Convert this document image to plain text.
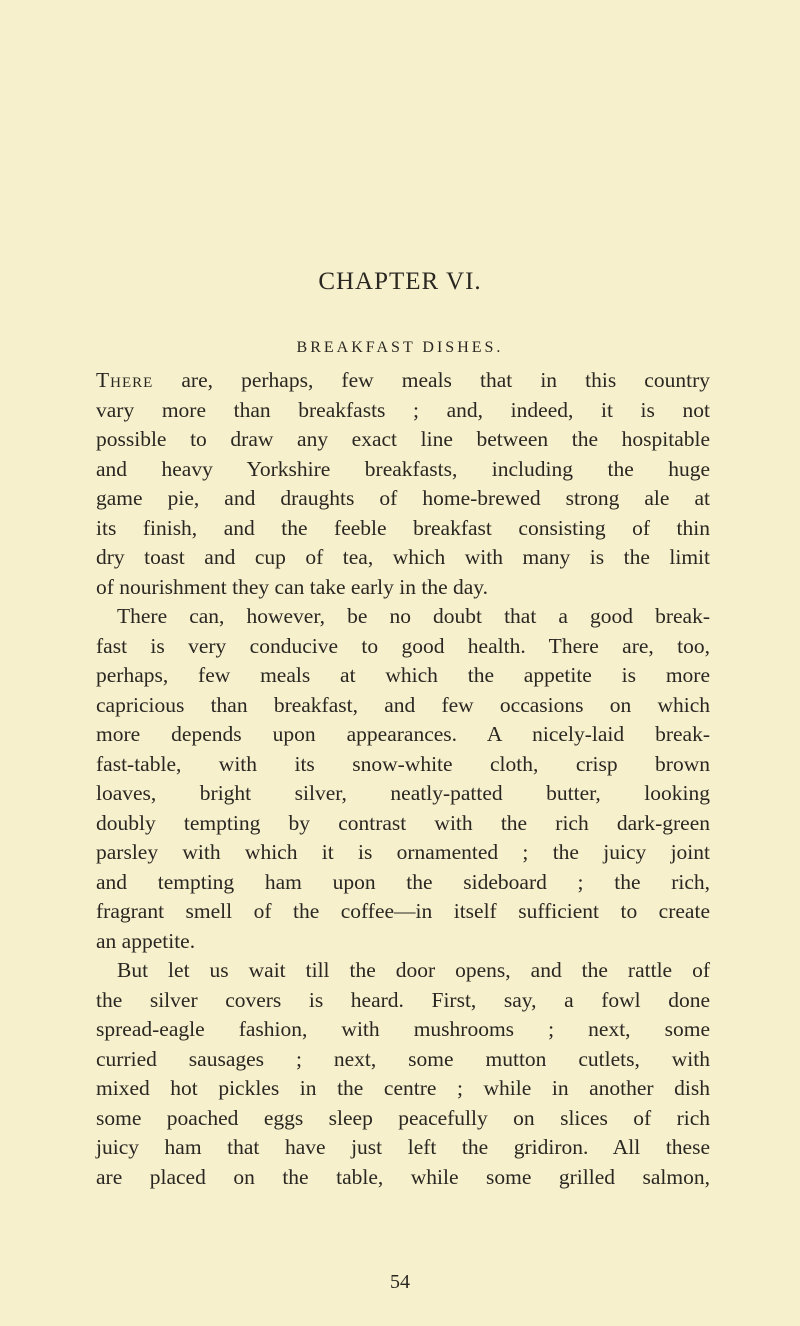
CHAPTER VI.
BREAKFAST DISHES.
There are, perhaps, few meals that in this country
vary more than breakfasts ; and, indeed, it is not
possible to draw any exact line between the hospitable
and heavy Yorkshire breakfasts, including the huge
game pie, and draughts of home-brewed strong ale at
its finish, and the feeble breakfast consisting of thin
dry toast and cup of tea, which with many is the limit
of nourishment they can take early in the day.
There can, however, be no doubt that a good break-
fast is very conducive to good health. There are, too,
perhaps, few meals at which the appetite is more
capricious than breakfast, and few occasions on which
more depends upon appearances. A nicely-laid break-
fast-table, with its snow-white cloth, crisp brown
loaves, bright silver, neatly-patted butter, looking
doubly tempting by contrast with the rich dark-green
parsley with which it is ornamented ; the juicy joint
and tempting ham upon the sideboard ; the rich,
fragrant smell of the coffee—in itself sufficient to create
an appetite.
But let us wait till the door opens, and the rattle of
the silver covers is heard. First, say, a fowl done
spread-eagle fashion, with mushrooms ; next, some
curried sausages ; next, some mutton cutlets, with
mixed hot pickles in the centre ; while in another dish
some poached eggs sleep peacefully on slices of rich
juicy ham that have just left the gridiron. All these
are placed on the table, while some grilled salmon,
54
